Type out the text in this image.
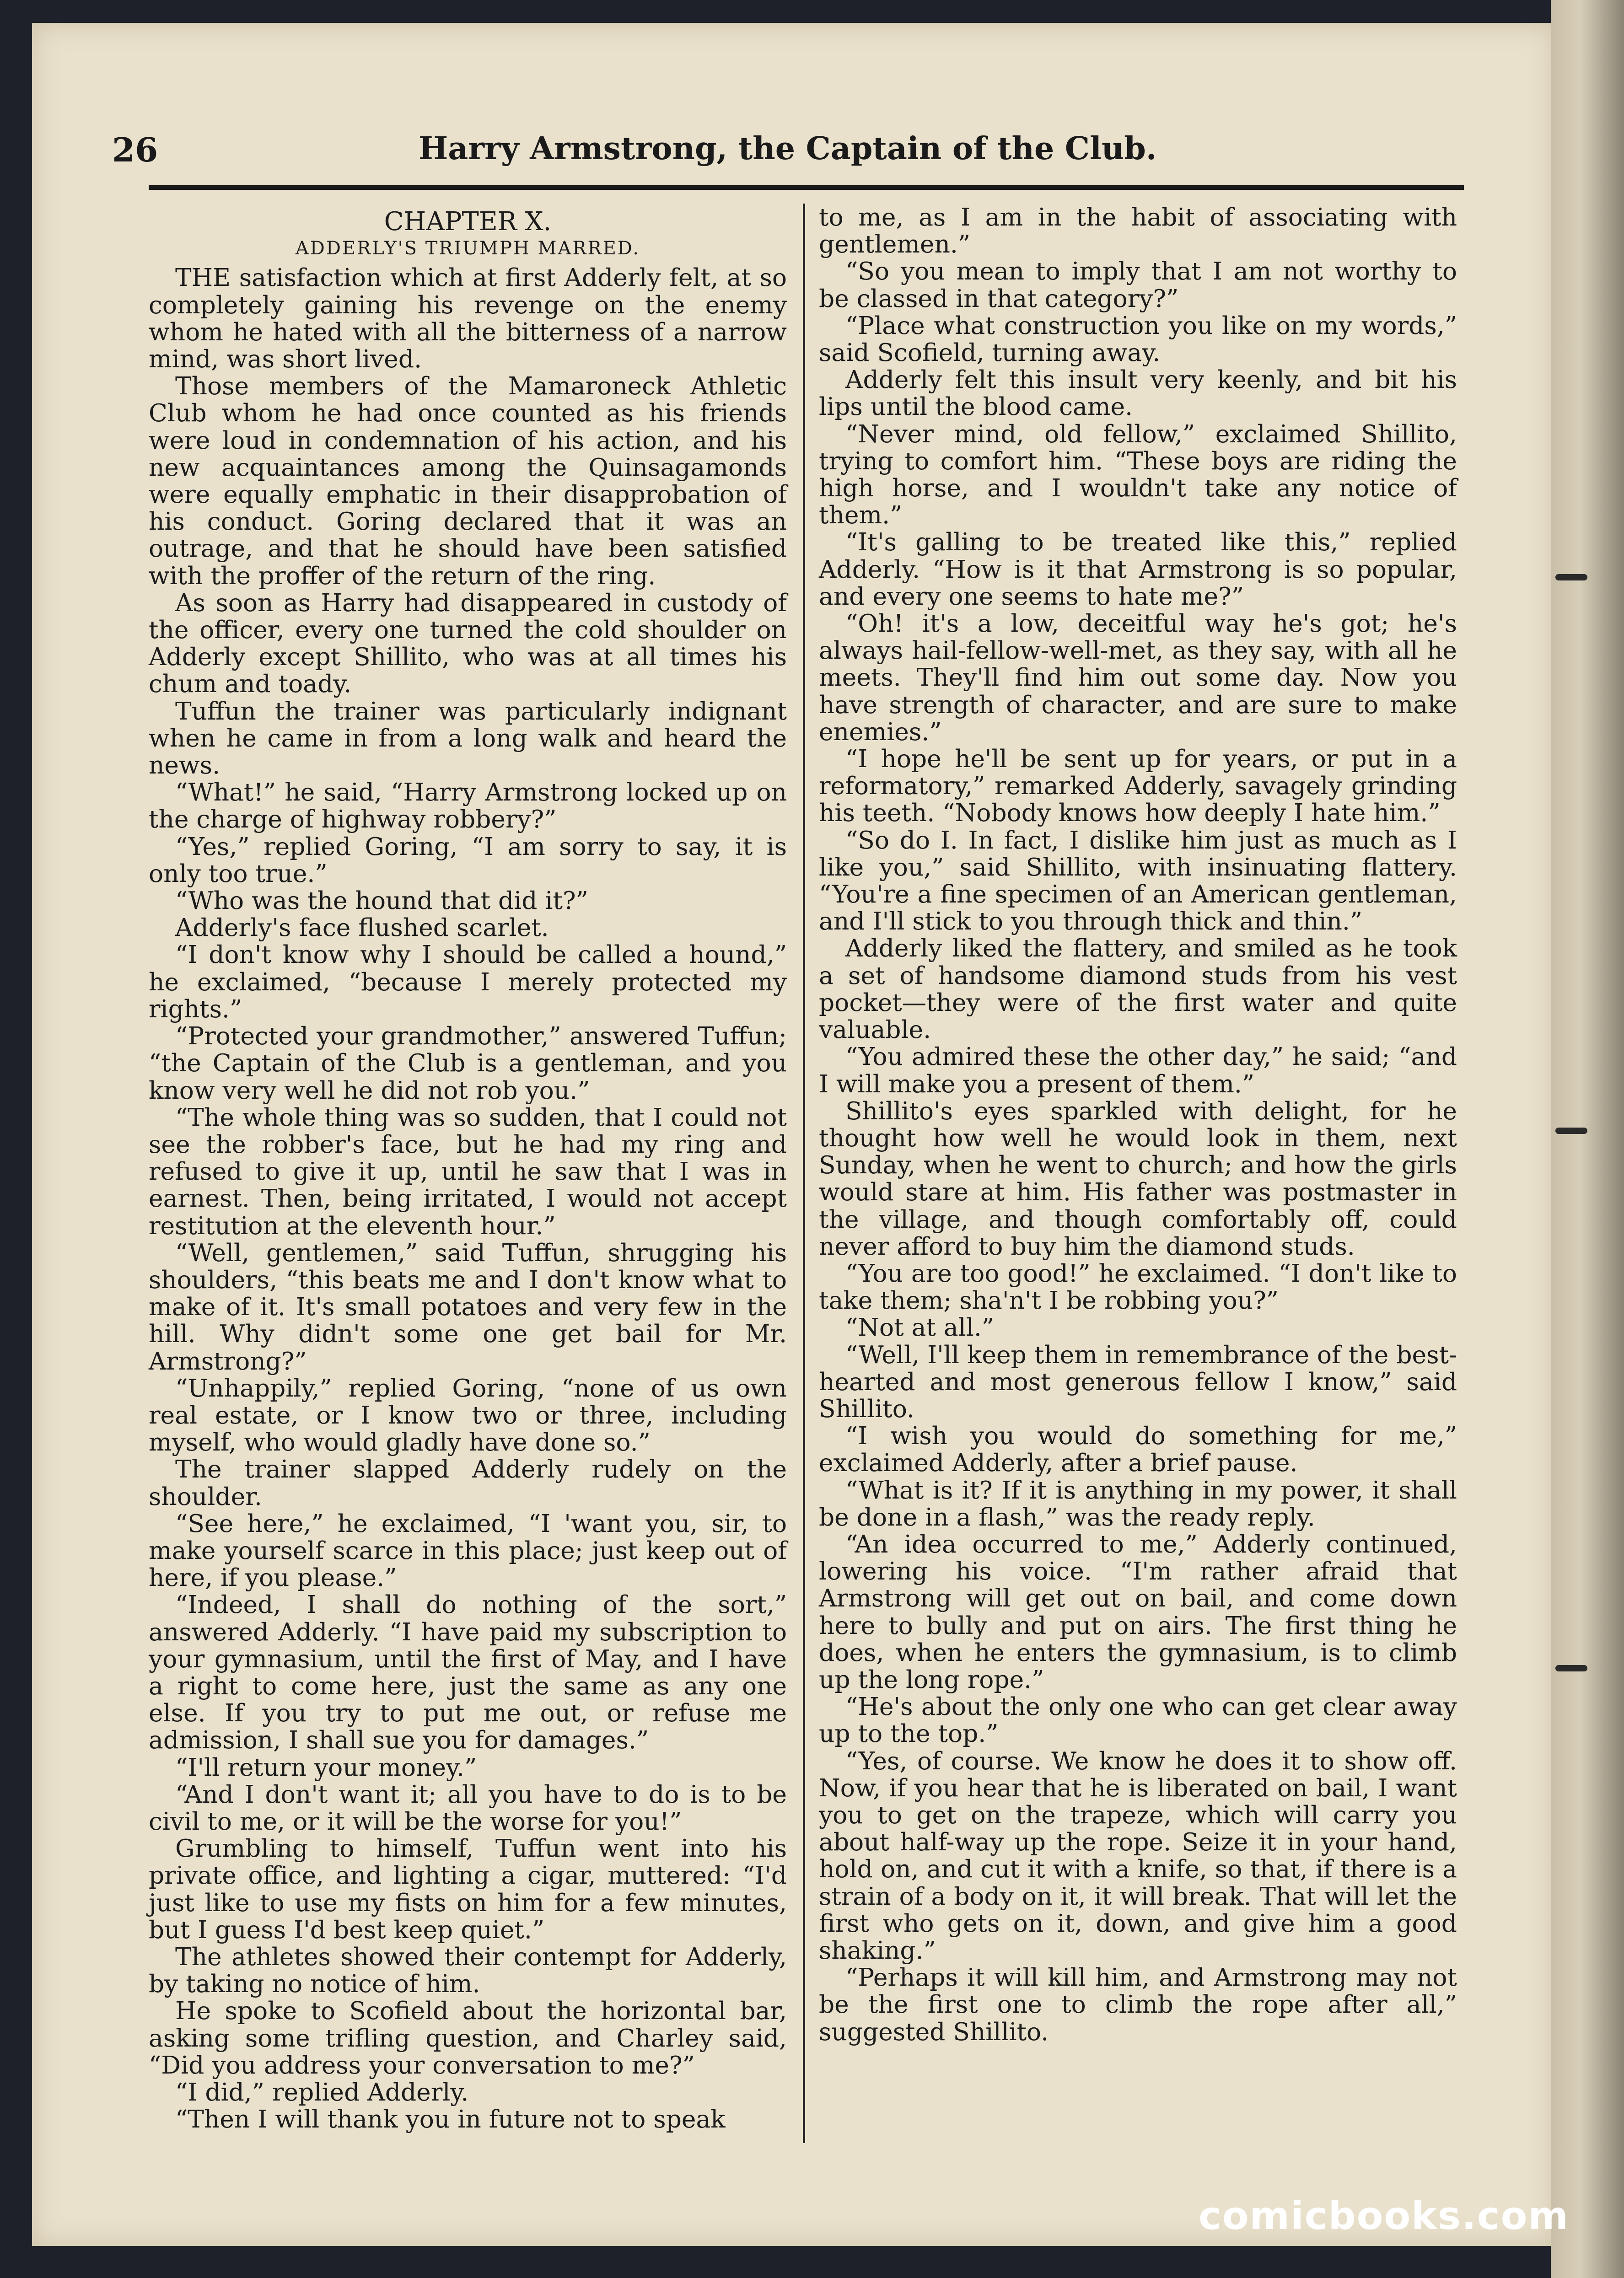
26	Harry Armstrong, the Captain of the Club.
CHAPTER X.
ADDERLY'S TRIUMPH MARRED.

THE satisfaction which at first Adderly felt, at so completely gaining his revenge on the enemy whom he hated with all the bitterness of a narrow mind, was short lived.

Those members of the Mamaroneck Athletic Club whom he had once counted as his friends were loud in condemnation of his action, and his new acquaintances among the Quinsagamonds were equally emphatic in their disapprobation of his conduct. Goring declared that it was an outrage, and that he should have been satisfied with the proffer of the return of the ring.

As soon as Harry had disappeared in custody of the officer, every one turned the cold shoulder on Adderly except Shillito, who was at all times his chum and toady.

Tuffun the trainer was particularly indignant when he came in from a long walk and heard the news.

“What!” he said, “Harry Armstrong locked up on the charge of highway robbery?”

“Yes,” replied Goring, “I am sorry to say, it is only too true.”

“Who was the hound that did it?”

Adderly's face flushed scarlet.

“I don't know why I should be called a hound,” he exclaimed, “because I merely protected my rights.”

“Protected your grandmother,” answered Tuffun; “the Captain of the Club is a gentleman, and you know very well he did not rob you.”

“The whole thing was so sudden, that I could not see the robber's face, but he had my ring and refused to give it up, until he saw that I was in earnest. Then, being irritated, I would not accept restitution at the eleventh hour.”

“Well, gentlemen,” said Tuffun, shrugging his shoulders, “this beats me and I don't know what to make of it. It's small potatoes and very few in the hill. Why didn't some one get bail for Mr. Armstrong?”

“Unhappily,” replied Goring, “none of us own real estate, or I know two or three, including myself, who would gladly have done so.”

The trainer slapped Adderly rudely on the shoulder.

“See here,” he exclaimed, “I 'want you, sir, to make yourself scarce in this place; just keep out of here, if you please.”

“Indeed, I shall do nothing of the sort,” answered Adderly. “I have paid my subscription to your gymnasium, until the first of May, and I have a right to come here, just the same as any one else. If you try to put me out, or refuse me admission, I shall sue you for damages.”

“I'll return your money.”

“And I don't want it; all you have to do is to be civil to me, or it will be the worse for you!”

Grumbling to himself, Tuffun went into his private office, and lighting a cigar, muttered: “I'd just like to use my fists on him for a few minutes, but I guess I'd best keep quiet.”

The athletes showed their contempt for Adderly, by taking no notice of him.

He spoke to Scofield about the horizontal bar, asking some trifling question, and Charley said, “Did you address your conversation to me?”

“I did,” replied Adderly.

“Then I will thank you in future not to speak

to me, as I am in the habit of associating with gentlemen.”

“So you mean to imply that I am not worthy to be classed in that category?”

“Place what construction you like on my words,” said Scofield, turning away.

Adderly felt this insult very keenly, and bit his lips until the blood came.

“Never mind, old fellow,” exclaimed Shillito, trying to comfort him. “These boys are riding the high horse, and I wouldn't take any notice of them.”

“It's galling to be treated like this,” replied Adderly. “How is it that Armstrong is so popular, and every one seems to hate me?”

“Oh! it's a low, deceitful way he's got; he's always hail-fellow-well-met, as they say, with all he meets. They'll find him out some day. Now you have strength of character, and are sure to make enemies.”

“I hope he'll be sent up for years, or put in a reformatory,” remarked Adderly, savagely grinding his teeth. “Nobody knows how deeply I hate him.”

“So do I. In fact, I dislike him just as much as I like you,” said Shillito, with insinuating flattery. “You're a fine specimen of an American gentleman, and I'll stick to you through thick and thin.”

Adderly liked the flattery, and smiled as he took a set of handsome diamond studs from his vest pocket—they were of the first water and quite valuable.

“You admired these the other day,” he said; “and I will make you a present of them.”

Shillito's eyes sparkled with delight, for he thought how well he would look in them, next Sunday, when he went to church; and how the girls would stare at him. His father was postmaster in the village, and though comfortably off, could never afford to buy him the diamond studs.

“You are too good!” he exclaimed. “I don't like to take them; sha'n't I be robbing you?”

“Not at all.”

“Well, I'll keep them in remembrance of the best-hearted and most generous fellow I know,” said Shillito.

“I wish you would do something for me,” exclaimed Adderly, after a brief pause.

“What is it? If it is anything in my power, it shall be done in a flash,” was the ready reply.

“An idea occurred to me,” Adderly continued, lowering his voice. “I'm rather afraid that Armstrong will get out on bail, and come down here to bully and put on airs. The first thing he does, when he enters the gymnasium, is to climb up the long rope.”

“He's about the only one who can get clear away up to the top.”

“Yes, of course. We know he does it to show off. Now, if you hear that he is liberated on bail, I want you to get on the trapeze, which will carry you about half-way up the rope. Seize it in your hand, hold on, and cut it with a knife, so that, if there is a strain of a body on it, it will break. That will let the first who gets on it, down, and give him a good shaking.”

“Perhaps it will kill him, and Armstrong may not be the first one to climb the rope after all,” suggested Shillito.

comicbooks.com
